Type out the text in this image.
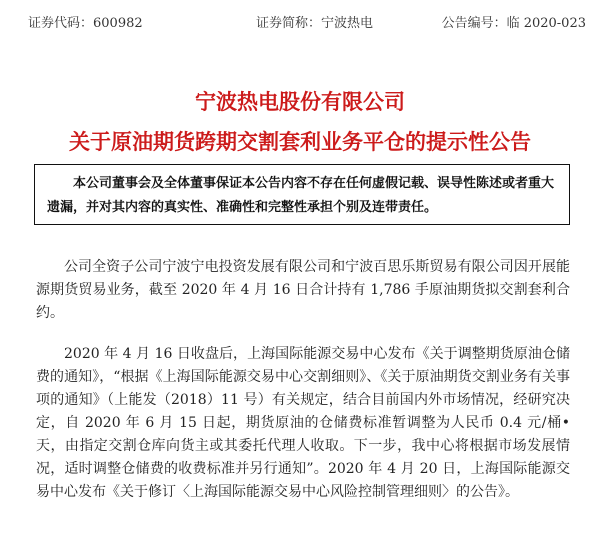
证券代码：600982	证券简称：宁波热电	公告编号：临 2020-023
宁波热电股份有限公司
关于原油期货跨期交割套利业务平仓的提示性公告
本公司董事会及全体董事保证本公告内容不存在任何虚假记载、误导性陈述或者重大遗漏，并对其内容的真实性、准确性和完整性承担个别及连带责任。

公司全资子公司宁波宁电投资发展有限公司和宁波百思乐斯贸易有限公司因开展能源期货贸易业务，截至 2020 年 4 月 16 日合计持有 1,786 手原油期货拟交割套利合约。

2020 年 4 月 16 日收盘后，上海国际能源交易中心发布《关于调整期货原油仓储费的通知》，“根据《上海国际能源交易中心交割细则》、《关于原油期货交割业务有关事项的通知》（上能发（2018）11 号）有关规定，结合目前国内外市场情况，经研究决定，自 2020 年 6 月 15 日起，期货原油的仓储费标准暂调整为人民币 0.4 元/桶•天，由指定交割仓库向货主或其委托代理人收取。下一步，我中心将根据市场发展情况，适时调整仓储费的收费标准并另行通知”。2020 年 4 月 20 日，上海国际能源交易中心发布《关于修订〈上海国际能源交易中心风险控制管理细则〉的公告》。
